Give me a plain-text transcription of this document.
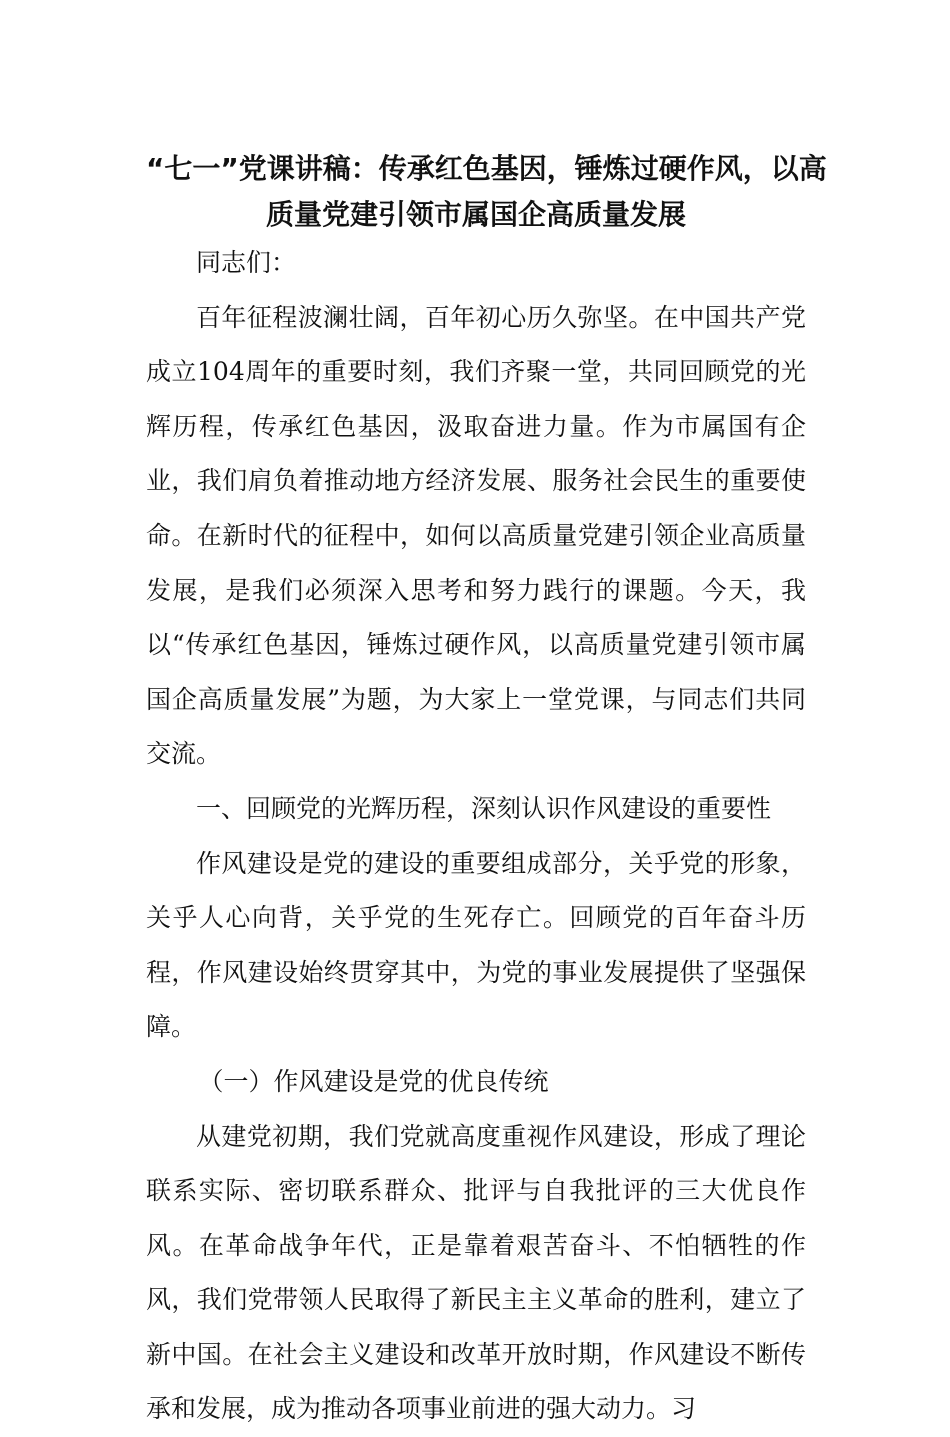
“七一”党课讲稿：传承红色基因，锤炼过硬作风，以高
质量党建引领市属国企高质量发展

同志们：

百年征程波澜壮阔，百年初心历久弥坚。在中国共产党成立104周年的重要时刻，我们齐聚一堂，共同回顾党的光辉历程，传承红色基因，汲取奋进力量。作为市属国有企业，我们肩负着推动地方经济发展、服务社会民生的重要使命。在新时代的征程中，如何以高质量党建引领企业高质量发展，是我们必须深入思考和努力践行的课题。今天，我以“传承红色基因，锤炼过硬作风，以高质量党建引领市属国企高质量发展”为题，为大家上一堂党课，与同志们共同交流。

一、回顾党的光辉历程，深刻认识作风建设的重要性

作风建设是党的建设的重要组成部分，关乎党的形象，关乎人心向背，关乎党的生死存亡。回顾党的百年奋斗历程，作风建设始终贯穿其中，为党的事业发展提供了坚强保障。

（一）作风建设是党的优良传统

从建党初期，我们党就高度重视作风建设，形成了理论联系实际、密切联系群众、批评与自我批评的三大优良作风。在革命战争年代，正是靠着艰苦奋斗、不怕牺牲的作风，我们党带领人民取得了新民主主义革命的胜利，建立了新中国。在社会主义建设和改革开放时期，作风建设不断传承和发展，成为推动各项事业前进的强大动力。习
